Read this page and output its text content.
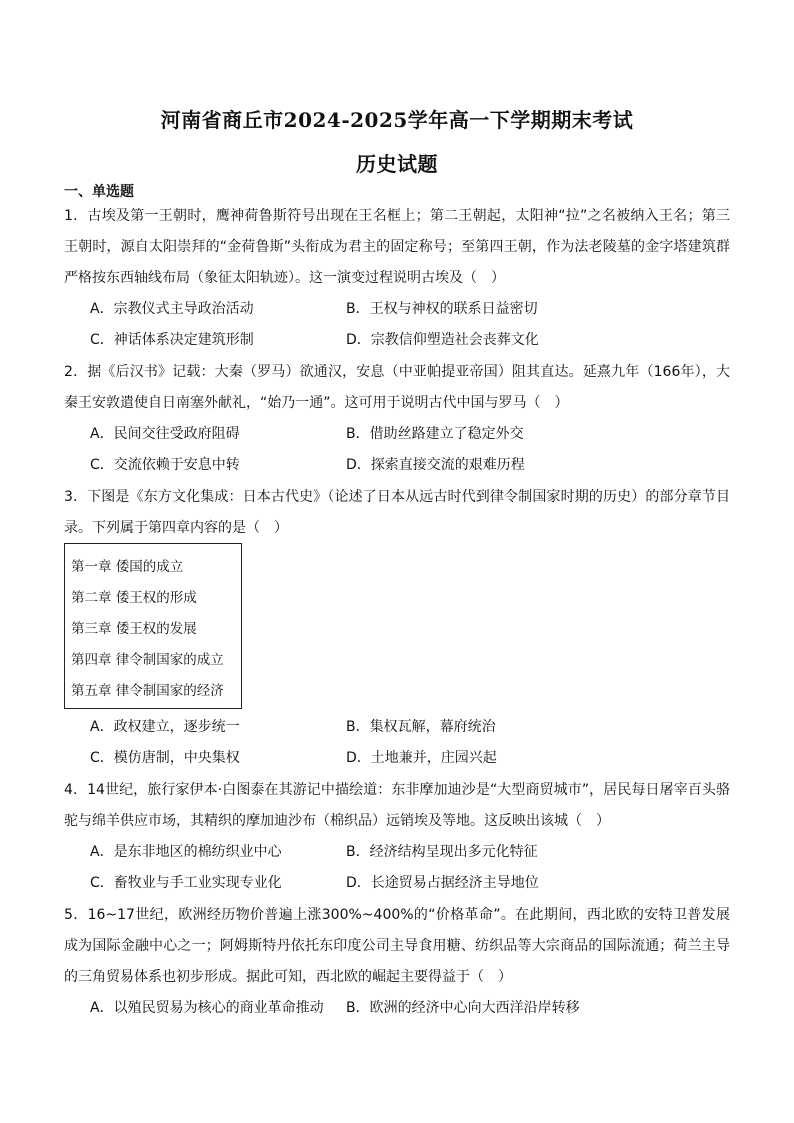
河南省商丘市2024-2025学年高一下学期期末考试
历史试题
一、单选题
1．古埃及第一王朝时，鹰神荷鲁斯符号出现在王名框上；第二王朝起，太阳神“拉”之名被纳入王名；第三王朝时，源自太阳崇拜的“金荷鲁斯”头衔成为君主的固定称号；至第四王朝，作为法老陵墓的金字塔建筑群严格按东西轴线布局（象征太阳轨迹）。这一演变过程说明古埃及（　）
A．宗教仪式主导政治活动	B．王权与神权的联系日益密切
C．神话体系决定建筑形制	D．宗教信仰塑造社会丧葬文化
2．据《后汉书》记载：大秦（罗马）欲通汉，安息（中亚帕提亚帝国）阻其直达。延熹九年（166年），大秦王安敦遣使自日南塞外献礼，“始乃一通”。这可用于说明古代中国与罗马（　）
A．民间交往受政府阻碍	B．借助丝路建立了稳定外交
C．交流依赖于安息中转	D．探索直接交流的艰难历程
3．下图是《东方文化集成：日本古代史》（论述了日本从远古时代到律令制国家时期的历史）的部分章节目录。下列属于第四章内容的是（　）
第一章 倭国的成立
第二章 倭王权的形成
第三章 倭王权的发展
第四章 律令制国家的成立
第五章 律令制国家的经济
A．政权建立，逐步统一	B．集权瓦解，幕府统治
C．模仿唐制，中央集权	D．土地兼并，庄园兴起
4．14世纪，旅行家伊本·白图泰在其游记中描绘道：东非摩加迪沙是“大型商贸城市”，居民每日屠宰百头骆驼与绵羊供应市场，其精织的摩加迪沙布（棉织品）远销埃及等地。这反映出该城（　）
A．是东非地区的棉纺织业中心	B．经济结构呈现出多元化特征
C．畜牧业与手工业实现专业化	D．长途贸易占据经济主导地位
5．16~17世纪，欧洲经历物价普遍上涨300%~400%的“价格革命”。在此期间，西北欧的安特卫普发展成为国际金融中心之一；阿姆斯特丹依托东印度公司主导食用糖、纺织品等大宗商品的国际流通；荷兰主导的三角贸易体系也初步形成。据此可知，西北欧的崛起主要得益于（　）
A．以殖民贸易为核心的商业革命推动 B．欧洲的经济中心向大西洋沿岸转移
